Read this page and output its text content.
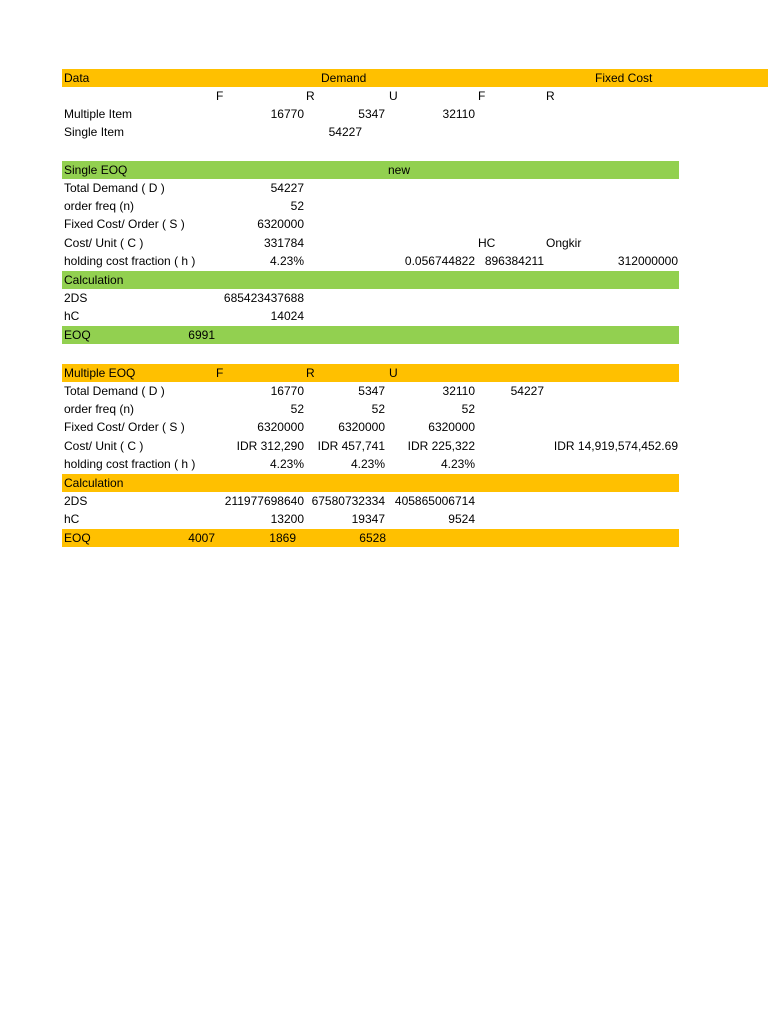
Data	Demand	Fixed Cost
F	R	U	F	R
Multiple Item	16770	5347	32110
Single Item	54227
Single EOQ	new
Total Demand ( D )	54227
order freq (n)	52
Fixed Cost/ Order ( S )	6320000
Cost/ Unit ( C )	331784	HC	Ongkir
holding cost fraction ( h )	4.23%	0.056744822 896384211	312000000
Calculation
2DS	685423437688
hC	14024
EOQ	6991
Multiple EOQ	F	R	U
Total Demand ( D )	16770	5347	32110	54227
order freq (n)	52	52	52
Fixed Cost/ Order ( S )	6320000	6320000	6320000
Cost/ Unit ( C )	IDR 312,290 IDR 457,741 IDR 225,322	IDR 14,919,574,452.69
holding cost fraction ( h )	4.23%	4.23%	4.23%
Calculation
2DS	211977698640 67580732334 405865006714
hC	13200	19347	9524
EOQ	4007	1869	6528
